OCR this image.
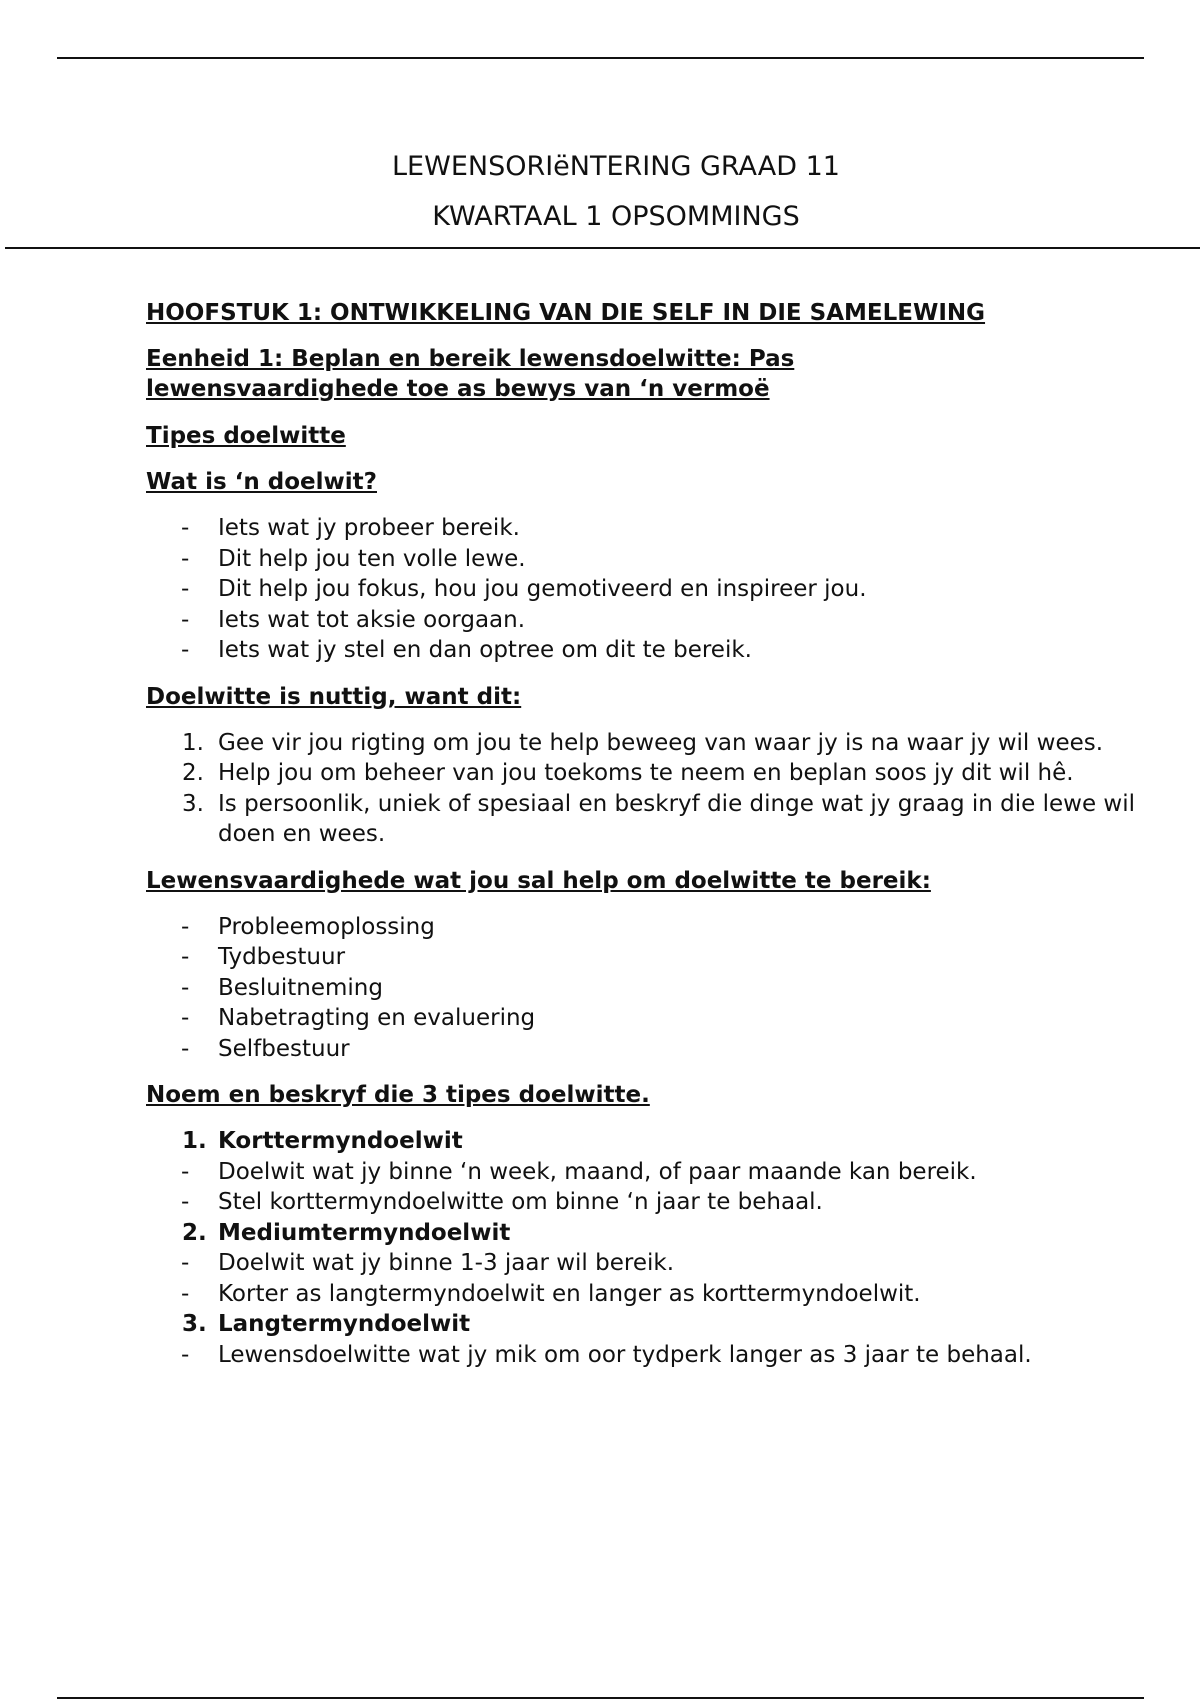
LEWENSORIëNTERING GRAAD 11
KWARTAAL 1 OPSOMMINGS

HOOFSTUK 1: ONTWIKKELING VAN DIE SELF IN DIE SAMELEWING

Eenheid 1: Beplan en bereik lewensdoelwitte: Pas
lewensvaardighede toe as bewys van ‘n vermoë

Tipes doelwitte

Wat is ‘n doelwit?

- Iets wat jy probeer bereik.
- Dit help jou ten volle lewe.
- Dit help jou fokus, hou jou gemotiveerd en inspireer jou.
- Iets wat tot aksie oorgaan.
- Iets wat jy stel en dan optree om dit te bereik.

Doelwitte is nuttig, want dit:

1. Gee vir jou rigting om jou te help beweeg van waar jy is na waar jy wil wees.
2. Help jou om beheer van jou toekoms te neem en beplan soos jy dit wil hê.
3. Is persoonlik, uniek of spesiaal en beskryf die dinge wat jy graag in die lewe wil doen en wees.

Lewensvaardighede wat jou sal help om doelwitte te bereik:

- Probleemoplossing
- Tydbestuur
- Besluitneming
- Nabetragting en evaluering
- Selfbestuur

Noem en beskryf die 3 tipes doelwitte.

1. Korttermyndoelwit
- Doelwit wat jy binne ‘n week, maand, of paar maande kan bereik.
- Stel korttermyndoelwitte om binne ‘n jaar te behaal.
2. Mediumtermyndoelwit
- Doelwit wat jy binne 1-3 jaar wil bereik.
- Korter as langtermyndoelwit en langer as korttermyndoelwit.
3. Langtermyndoelwit
- Lewensdoelwitte wat jy mik om oor tydperk langer as 3 jaar te behaal.
